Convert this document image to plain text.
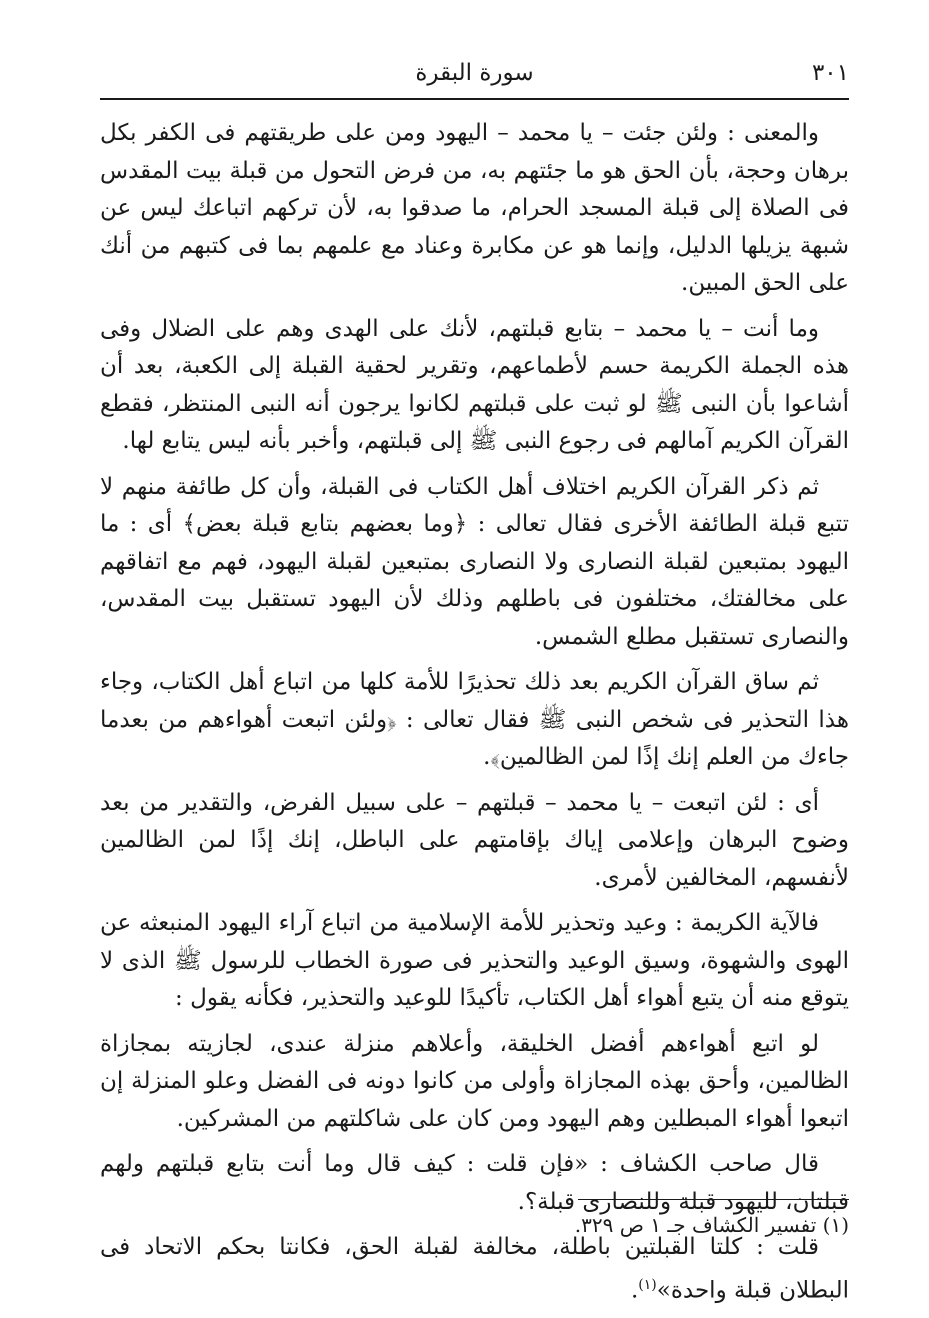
٣٠١
سورة البقرة

والمعنى : ولئن جئت – يا محمد – اليهود ومن على طريقتهم فى الكفر بكل برهان وحجة، بأن الحق هو ما جئتهم به، من فرض التحول من قبلة بيت المقدس فى الصلاة إلى قبلة المسجد الحرام، ما صدقوا به، لأن تركهم اتباعك ليس عن شبهة يزيلها الدليل، وإنما هو عن مكابرة وعناد مع علمهم بما فى كتبهم من أنك على الحق المبين.

وما أنت – يا محمد – بتابع قبلتهم، لأنك على الهدى وهم على الضلال وفى هذه الجملة الكريمة حسم لأطماعهم، وتقرير لحقية القبلة إلى الكعبة، بعد أن أشاعوا بأن النبى ﷺ لو ثبت على قبلتهم لكانوا يرجون أنه النبى المنتظر، فقطع القرآن الكريم آمالهم فى رجوع النبى ﷺ إلى قبلتهم، وأخبر بأنه ليس يتابع لها.

ثم ذكر القرآن الكريم اختلاف أهل الكتاب فى القبلة، وأن كل طائفة منهم لا تتبع قبلة الطائفة الأخرى فقال تعالى : ﴿وما بعضهم بتابع قبلة بعض﴾ أى : ما اليهود بمتبعين لقبلة النصارى ولا النصارى بمتبعين لقبلة اليهود، فهم مع اتفاقهم على مخالفتك، مختلفون فى باطلهم وذلك لأن اليهود تستقبل بيت المقدس، والنصارى تستقبل مطلع الشمس.

ثم ساق القرآن الكريم بعد ذلك تحذيرًا للأمة كلها من اتباع أهل الكتاب، وجاء هذا التحذير فى شخص النبى ﷺ فقال تعالى : ﴿ولئن اتبعت أهواءهم من بعدما جاءك من العلم إنك إذًا لمن الظالمين﴾.

أى : لئن اتبعت – يا محمد – قبلتهم – على سبيل الفرض، والتقدير من بعد وضوح البرهان وإعلامى إياك بإقامتهم على الباطل، إنك إذًا لمن الظالمين لأنفسهم، المخالفين لأمرى.

فالآية الكريمة : وعيد وتحذير للأمة الإسلامية من اتباع آراء اليهود المنبعثه عن الهوى والشهوة، وسيق الوعيد والتحذير فى صورة الخطاب للرسول ﷺ الذى لا يتوقع منه أن يتبع أهواء أهل الكتاب، تأكيدًا للوعيد والتحذير، فكأنه يقول :

لو اتبع أهواءهم أفضل الخليقة، وأعلاهم منزلة عندى، لجازيته بمجازاة الظالمين، وأحق بهذه المجازاة وأولى من كانوا دونه فى الفضل وعلو المنزلة إن اتبعوا أهواء المبطلين وهم اليهود ومن كان على شاكلتهم من المشركين.

قال صاحب الكشاف : «فإن قلت : كيف قال وما أنت بتابع قبلتهم ولهم قبلتان، لليهود قبلة وللنصارى قبلة؟.

قلت : كلتا القبلتين باطلة، مخالفة لقبلة الحق، فكانتا بحكم الاتحاد فى البطلان قبلة واحدة»$^{(١)}$.

(١) تفسير الكشاف جـ ١ ص ٣٢٩.
